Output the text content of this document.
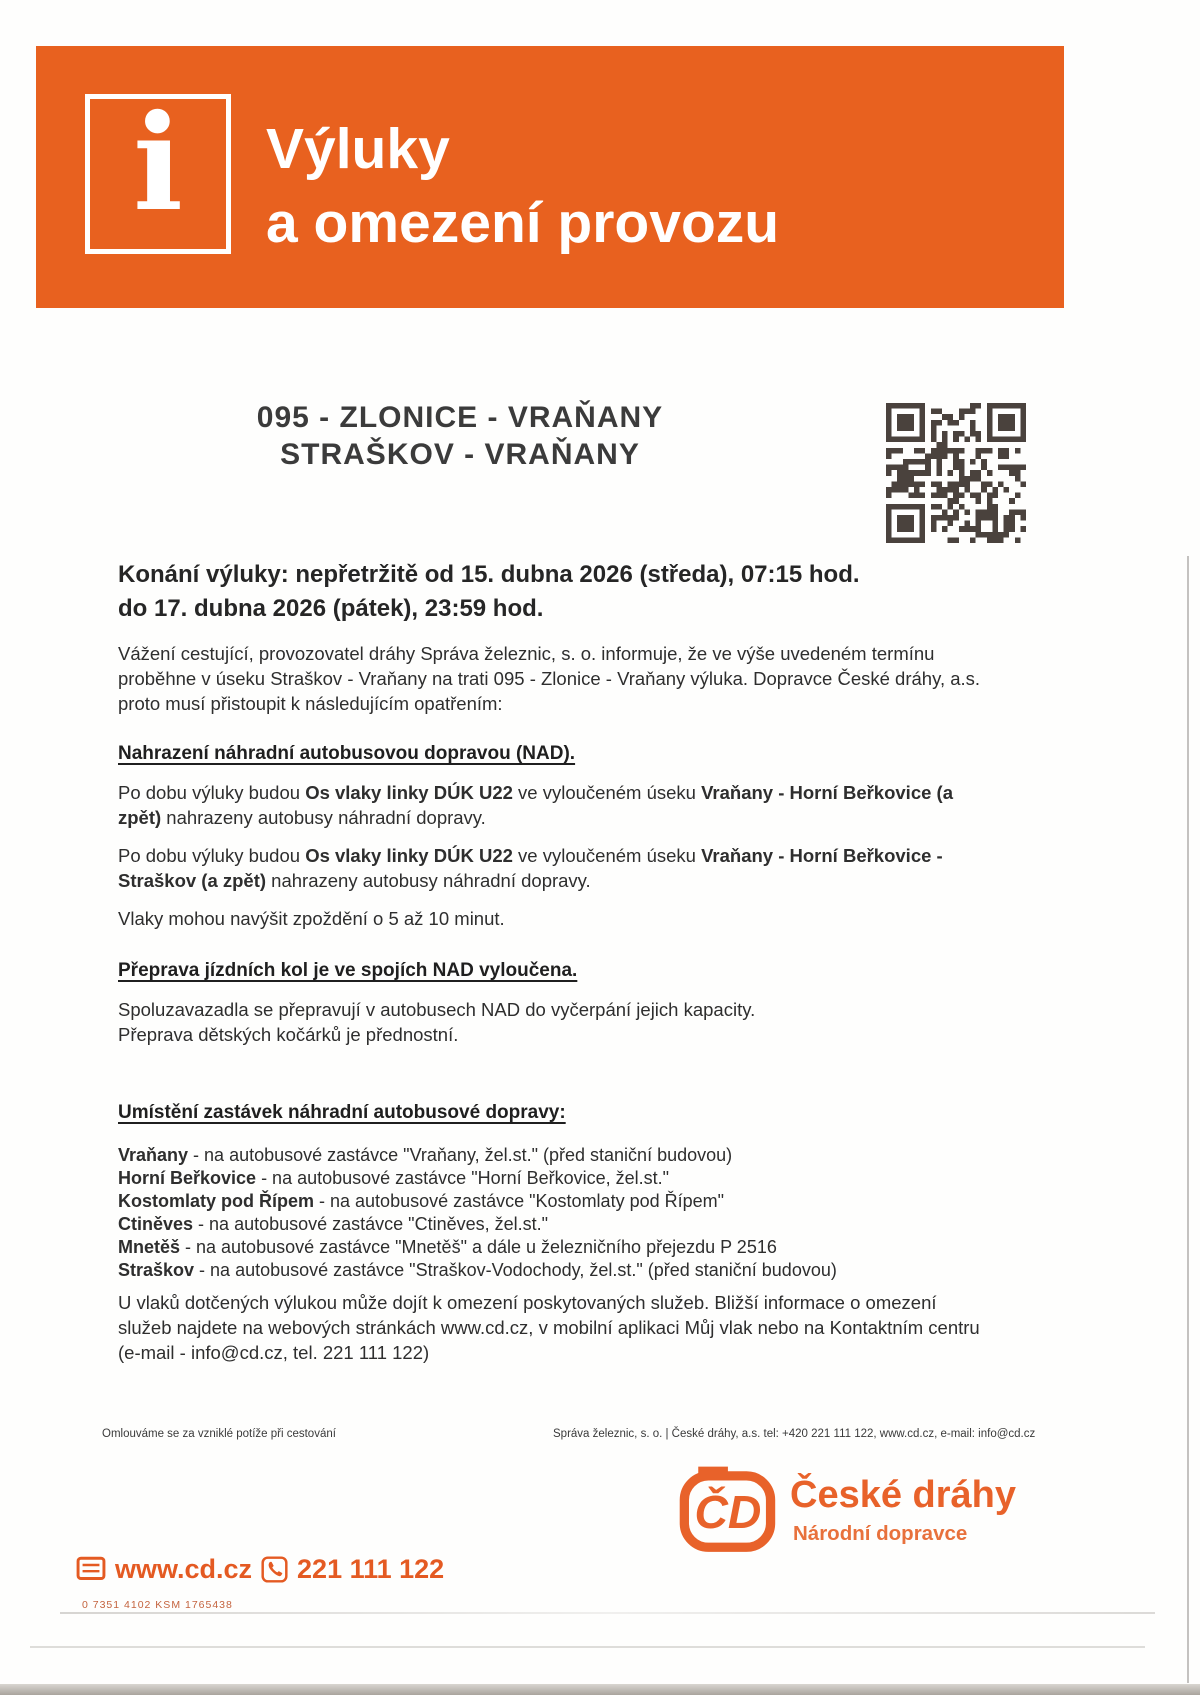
i	Výluky
a omezení provozu
095 - ZLONICE - VRAŇANY
STRAŠKOV - VRAŇANY
Konání výluky: nepřetržitě od 15. dubna 2026 (středa), 07:15 hod.
do 17. dubna 2026 (pátek), 23:59 hod.
Vážení cestující, provozovatel dráhy Správa železnic, s. o. informuje, že ve výše uvedeném termínu
proběhne v úseku Straškov - Vraňany na trati 095 - Zlonice - Vraňany výluka. Dopravce České dráhy, a.s.
proto musí přistoupit k následujícím opatřením:
Nahrazení náhradní autobusovou dopravou (NAD).
Po dobu výluky budou Os vlaky linky DÚK U22 ve vyloučeném úseku Vraňany - Horní Beřkovice (a
zpět) nahrazeny autobusy náhradní dopravy.
Po dobu výluky budou Os vlaky linky DÚK U22 ve vyloučeném úseku Vraňany - Horní Beřkovice -
Straškov (a zpět) nahrazeny autobusy náhradní dopravy.
Vlaky mohou navýšit zpoždění o 5 až 10 minut.
Přeprava jízdních kol je ve spojích NAD vyloučena.
Spoluzavazadla se přepravují v autobusech NAD do vyčerpání jejich kapacity.
Přeprava dětských kočárků je přednostní.
Umístění zastávek náhradní autobusové dopravy:
Vraňany - na autobusové zastávce "Vraňany, žel.st." (před staniční budovou)
Horní Beřkovice - na autobusové zastávce "Horní Beřkovice, žel.st."
Kostomlaty pod Řípem - na autobusové zastávce "Kostomlaty pod Řípem"
Ctiněves - na autobusové zastávce "Ctiněves, žel.st."
Mnetěš - na autobusové zastávce "Mnetěš" a dále u železničního přejezdu P 2516
Straškov - na autobusové zastávce "Straškov-Vodochody, žel.st." (před staniční budovou)
U vlaků dotčených výlukou může dojít k omezení poskytovaných služeb. Bližší informace o omezení
služeb najdete na webových stránkách www.cd.cz, v mobilní aplikaci Můj vlak nebo na Kontaktním centru
(e-mail - info@cd.cz, tel. 221 111 122)
Omlouváme se za vzniklé potíže při cestování	Správa železnic, s. o. | České dráhy, a.s. tel: +420 221 111 122, www.cd.cz, e-mail: info@cd.cz
ČD České dráhy
Národní dopravce
www.cd.cz 221 111 122
0 7351 4102 KSM 1765438
